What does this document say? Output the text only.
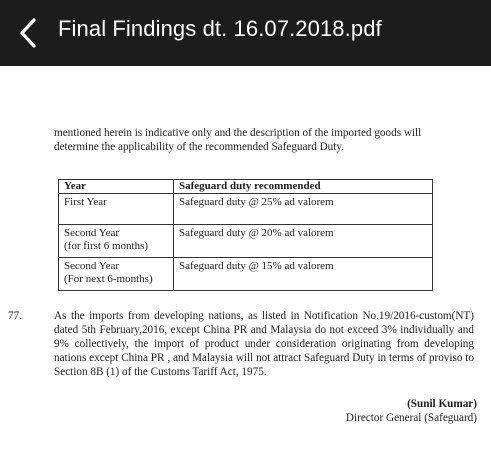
Final Findings dt. 16.07.2018.pdf
mentioned herein is indicative only and the description of the imported goods will
determine the applicability of the recommended Safeguard Duty.
Year	Safeguard duty recommended

First Year	Safeguard duty @ 25% ad valorem

Second Year
(for first 6 months)	Safeguard duty @ 20% ad valorem

Second Year
(For next 6-months)	Safeguard duty @ 15% ad valorem
77.	As the imports from developing nations, as listed in Notification No.19/2016-custom(NT) dated 5th February,2016, except China PR and Malaysia do not exceed 3% individually and 9% collectively, the import of product under consideration originating from developing nations except China PR , and Malaysia will not attract Safeguard Duty in terms of proviso to Section 8B (1) of the Customs Tariff Act, 1975.
(Sunil Kumar)
Director General (Safeguard)
